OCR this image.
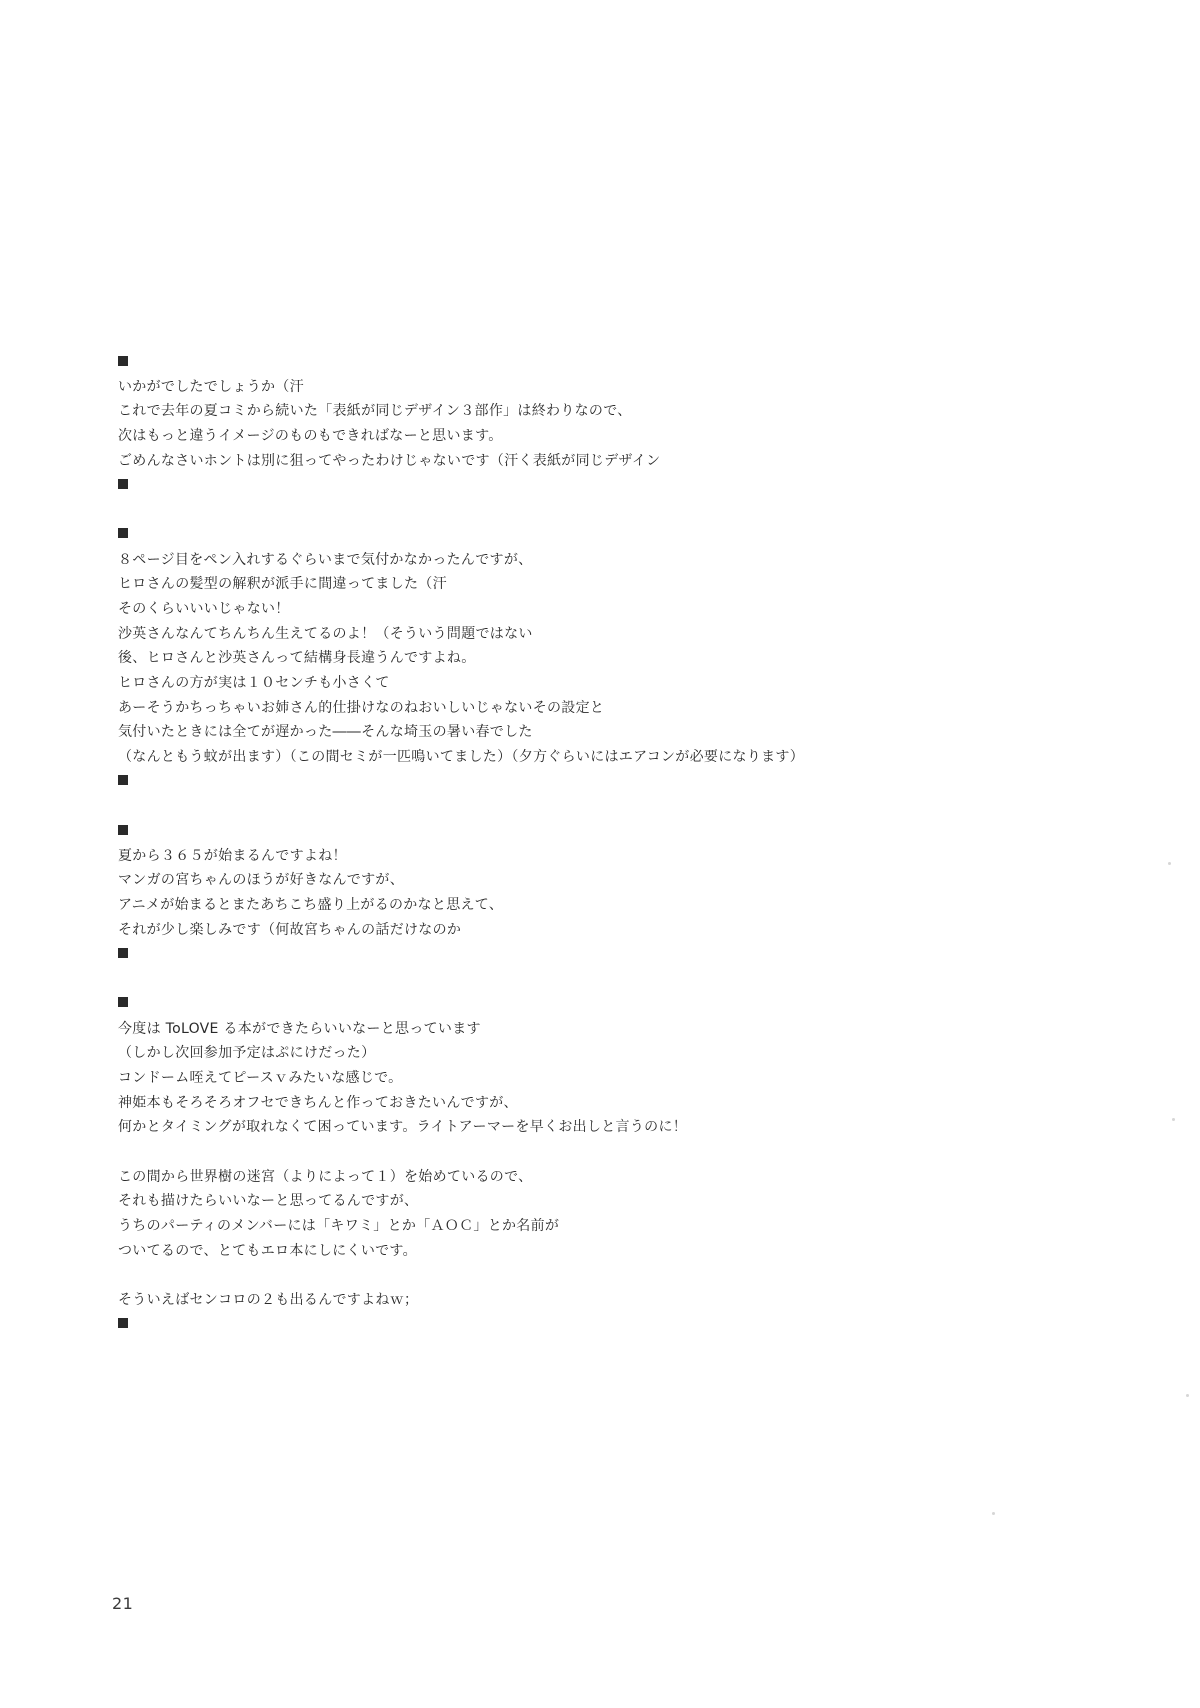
いかがでしたでしょうか（汗
これで去年の夏コミから続いた「表紙が同じデザイン３部作」は終わりなので、
次はもっと違うイメージのものもできればなーと思います。
ごめんなさいホントは別に狙ってやったわけじゃないです（汗く表紙が同じデザイン
８ページ目をペン入れするぐらいまで気付かなかったんですが、
ヒロさんの髪型の解釈が派手に間違ってました（汗
そのくらいいいじゃない！
沙英さんなんてちんちん生えてるのよ！（そういう問題ではない
後、ヒロさんと沙英さんって結構身長違うんですよね。
ヒロさんの方が実は１０センチも小さくて
あーそうかちっちゃいお姉さん的仕掛けなのねおいしいじゃないその設定と
気付いたときには全てが遅かった――そんな埼玉の暑い春でした
（なんともう蚊が出ます）（この間セミが一匹鳴いてました）（夕方ぐらいにはエアコンが必要になります）
夏から３６５が始まるんですよね！
マンガの宮ちゃんのほうが好きなんですが、
アニメが始まるとまたあちこち盛り上がるのかなと思えて、
それが少し楽しみです（何故宮ちゃんの話だけなのか
今度は ToLOVE る本ができたらいいなーと思っています
（しかし次回参加予定はぷにけだった）
コンドーム咥えてピースｖみたいな感じで。
神姫本もそろそろオフセできちんと作っておきたいんですが、
何かとタイミングが取れなくて困っています。ライトアーマーを早くお出しと言うのに！
この間から世界樹の迷宮（よりによって１）を始めているので、
それも描けたらいいなーと思ってるんですが、
うちのパーティのメンバーには「キワミ」とか「ＡＯＣ」とか名前が
ついてるので、とてもエロ本にしにくいです。
そういえばセンコロの２も出るんですよねｗ；
21
